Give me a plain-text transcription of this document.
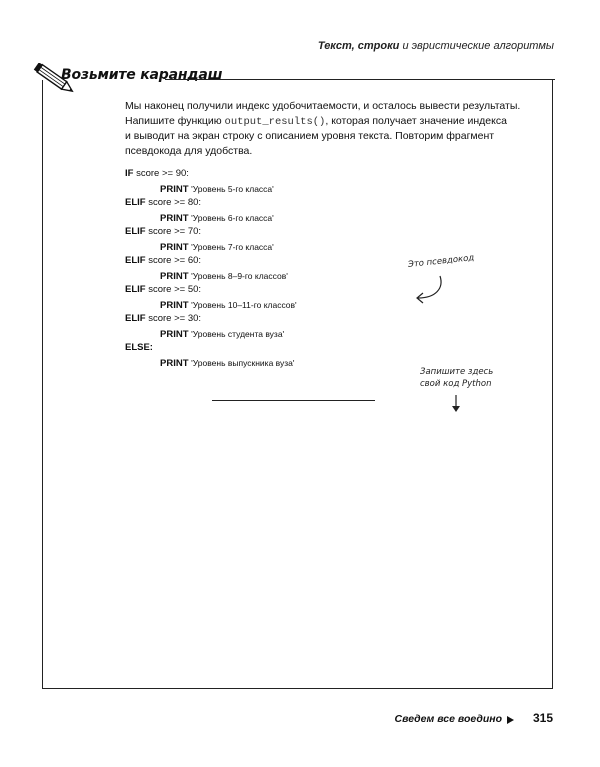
Текст, строки и эвристические алгоритмы
Возьмите карандаш
Мы наконец получили индекс удобочитаемости, и осталось вывести результаты.
Напишите функцию output_results(), которая получает значение индекса
и выводит на экран строку с описанием уровня текста. Повторим фрагмент
псевдокода для удобства.
IF score >= 90:
PRINT 'Уровень 5-го класса'
ELIF score >= 80:
PRINT 'Уровень 6-го класса'
ELIF score >= 70:
PRINT 'Уровень 7-го класса'
ELIF score >= 60:
PRINT 'Уровень 8–9-го классов'
ELIF score >= 50:
PRINT 'Уровень 10–11-го классов'
ELIF score >= 30:
PRINT 'Уровень студента вуза'
ELSE:
PRINT 'Уровень выпускника вуза'
Это псевдокод
Запишите здесь
свой код Python
Сведем все воедино	315
